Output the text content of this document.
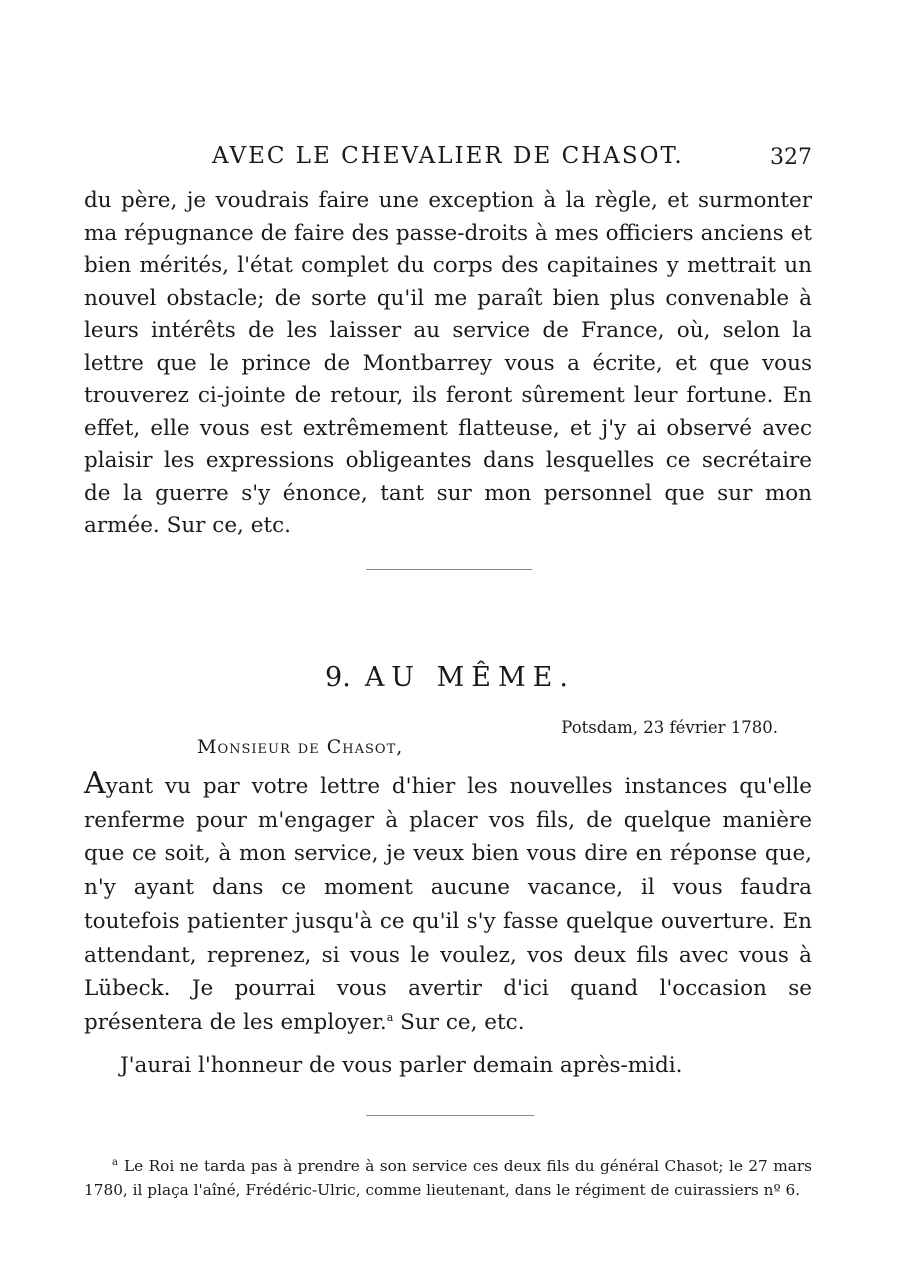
AVEC LE CHEVALIER DE CHASOT.	327

du père, je voudrais faire une exception à la règle, et surmonter ma répugnance de faire des passe-droits à mes officiers anciens et bien mérités, l'état complet du corps des capitaines y mettrait un nouvel obstacle; de sorte qu'il me paraît bien plus convenable à leurs intérêts de les laisser au service de France, où, selon la lettre que le prince de Montbarrey vous a écrite, et que vous trouverez ci-jointe de retour, ils feront sûrement leur fortune. En effet, elle vous est extrêmement flatteuse, et j'y ai observé avec plaisir les expressions obligeantes dans lesquelles ce secrétaire de la guerre s'y énonce, tant sur mon personnel que sur mon armée. Sur ce, etc.

9. AU MÊME.
Potsdam, 23 février 1780.
Monsieur de Chasot,

Ayant vu par votre lettre d'hier les nouvelles instances qu'elle renferme pour m'engager à placer vos fils, de quelque manière que ce soit, à mon service, je veux bien vous dire en réponse que, n'y ayant dans ce moment aucune vacance, il vous faudra toutefois patienter jusqu'à ce qu'il s'y fasse quelque ouverture. En attendant, reprenez, si vous le voulez, vos deux fils avec vous à Lübeck. Je pourrai vous avertir d'ici quand l'occasion se présentera de les employer.$^a$ Sur ce, etc.

J'aurai l'honneur de vous parler demain après-midi.

$^a$ Le Roi ne tarda pas à prendre à son service ces deux fils du général Chasot; le 27 mars 1780, il plaça l'aîné, Frédéric-Ulric, comme lieutenant, dans le régiment de cuirassiers nº 6.
